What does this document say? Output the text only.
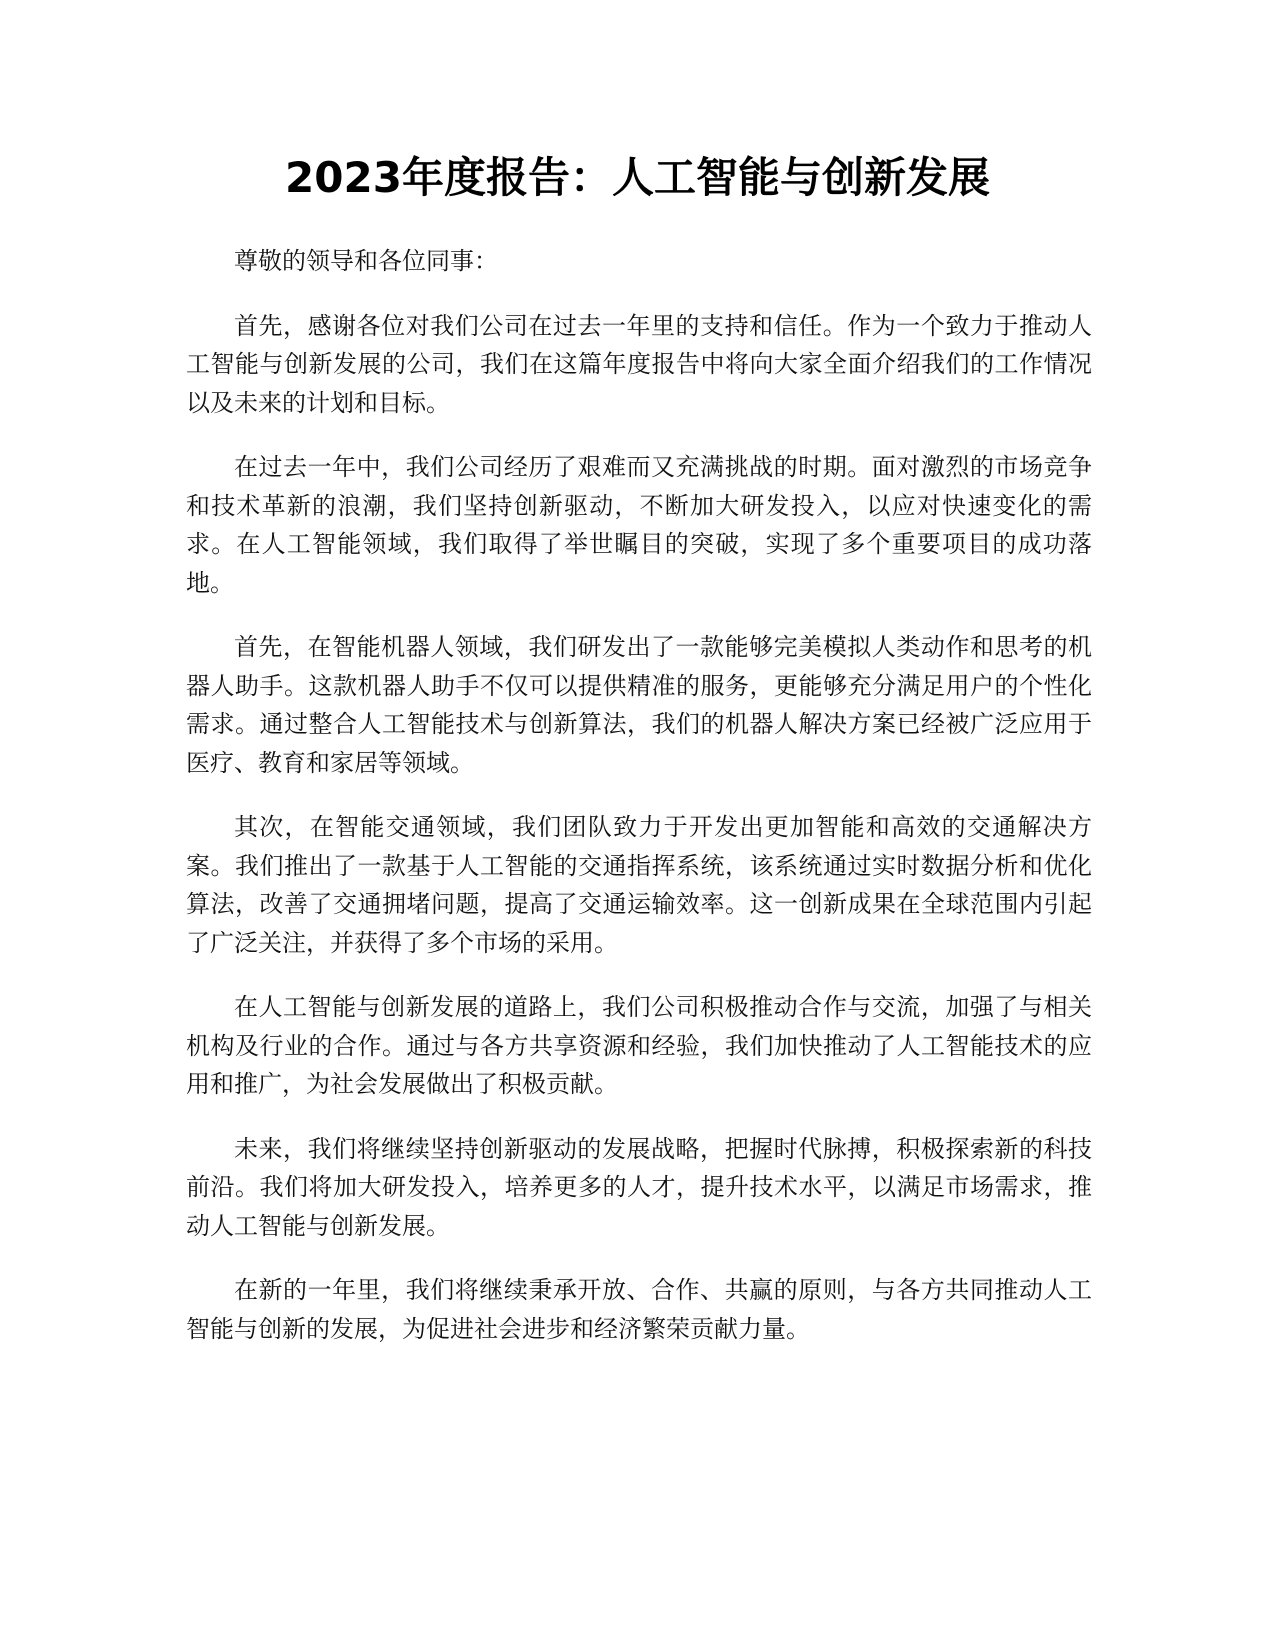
2023年度报告：人工智能与创新发展

尊敬的领导和各位同事：

首先，感谢各位对我们公司在过去一年里的支持和信任。作为一个致力于推动人工智能与创新发展的公司，我们在这篇年度报告中将向大家全面介绍我们的工作情况以及未来的计划和目标。

在过去一年中，我们公司经历了艰难而又充满挑战的时期。面对激烈的市场竞争和技术革新的浪潮，我们坚持创新驱动，不断加大研发投入，以应对快速变化的需求。在人工智能领域，我们取得了举世瞩目的突破，实现了多个重要项目的成功落地。

首先，在智能机器人领域，我们研发出了一款能够完美模拟人类动作和思考的机器人助手。这款机器人助手不仅可以提供精准的服务，更能够充分满足用户的个性化需求。通过整合人工智能技术与创新算法，我们的机器人解决方案已经被广泛应用于医疗、教育和家居等领域。

其次，在智能交通领域，我们团队致力于开发出更加智能和高效的交通解决方案。我们推出了一款基于人工智能的交通指挥系统，该系统通过实时数据分析和优化算法，改善了交通拥堵问题，提高了交通运输效率。这一创新成果在全球范围内引起了广泛关注，并获得了多个市场的采用。

在人工智能与创新发展的道路上，我们公司积极推动合作与交流，加强了与相关机构及行业的合作。通过与各方共享资源和经验，我们加快推动了人工智能技术的应用和推广，为社会发展做出了积极贡献。

未来，我们将继续坚持创新驱动的发展战略，把握时代脉搏，积极探索新的科技前沿。我们将加大研发投入，培养更多的人才，提升技术水平，以满足市场需求，推动人工智能与创新发展。

在新的一年里，我们将继续秉承开放、合作、共赢的原则，与各方共同推动人工智能与创新的发展，为促进社会进步和经济繁荣贡献力量。
